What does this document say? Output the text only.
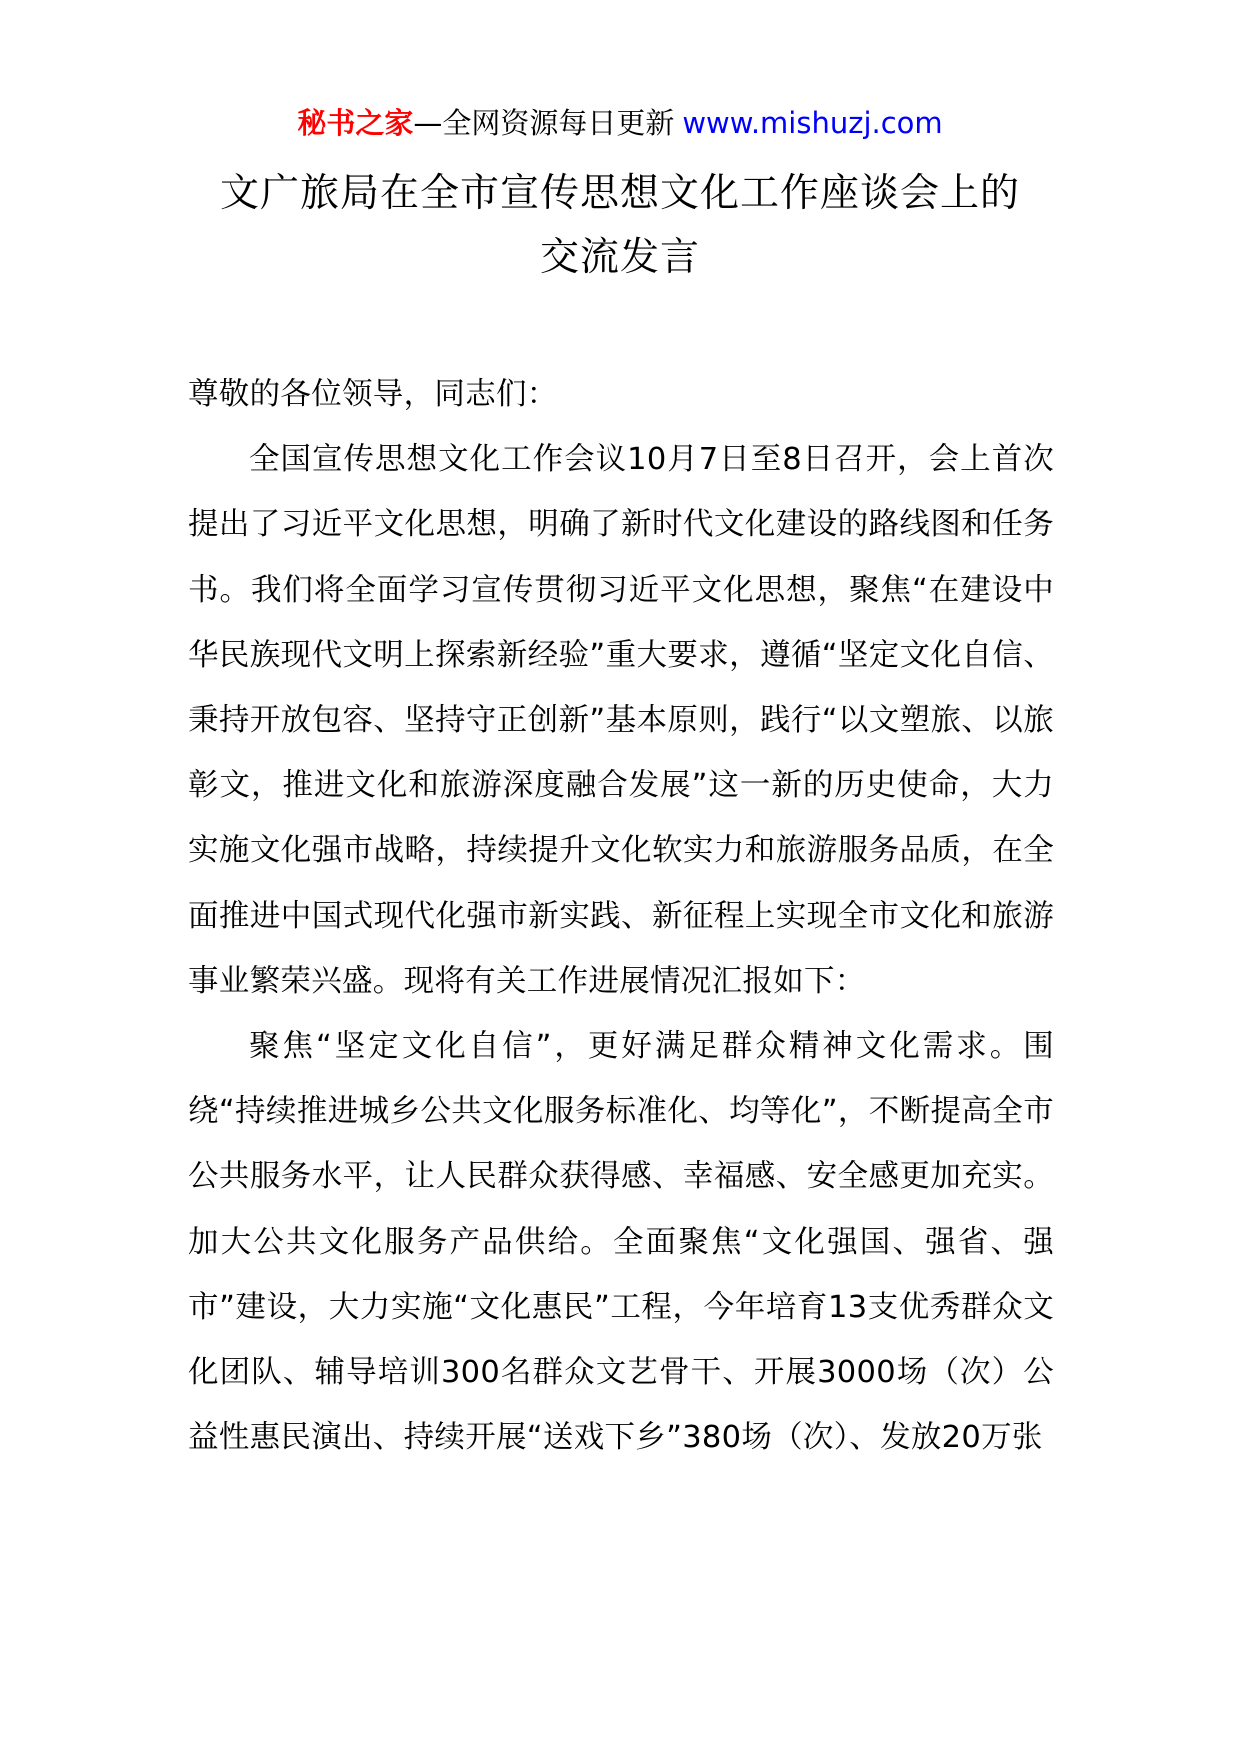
秘书之家—全网资源每日更新 www.mishuzj.com
文广旅局在全市宣传思想文化工作座谈会上的
交流发言

尊敬的各位领导，同志们：

全国宣传思想文化工作会议10月7日至8日召开，会上首次提出了习近平文化思想，明确了新时代文化建设的路线图和任务书。我们将全面学习宣传贯彻习近平文化思想，聚焦“在建设中华民族现代文明上探索新经验”重大要求，遵循“坚定文化自信、秉持开放包容、坚持守正创新”基本原则，践行“以文塑旅、以旅彰文，推进文化和旅游深度融合发展”这一新的历史使命，大力实施文化强市战略，持续提升文化软实力和旅游服务品质，在全面推进中国式现代化强市新实践、新征程上实现全市文化和旅游事业繁荣兴盛。现将有关工作进展情况汇报如下：

聚焦“坚定文化自信”，更好满足群众精神文化需求。围绕“持续推进城乡公共文化服务标准化、均等化”，不断提高全市公共服务水平，让人民群众获得感、幸福感、安全感更加充实。加大公共文化服务产品供给。全面聚焦“文化强国、强省、强市”建设，大力实施“文化惠民”工程，今年培育13支优秀群众文化团队、辅导培训300名群众文艺骨干、开展3000场（次）公益性惠民演出、持续开展“送戏下乡”380场（次）、发放20万张
